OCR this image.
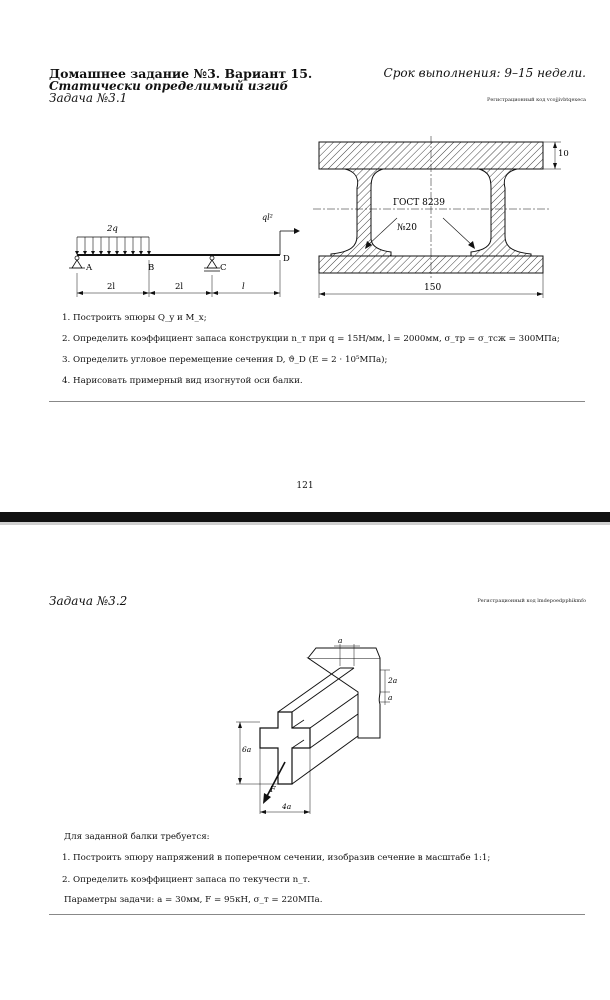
Домашнее задание №3. Вариант 15.
Статически определимый изгиб
Задача №3.1
Срок выполнения: 9–15 недели.
Регистрационный код vcojjivbtqexeca
2q
ql²
A	B	C
D
2l	2l	l
ГОСТ 8239
№20
10
150
1. Построить эпюры Q_y и M_x;
2. Определить коэффициент запаса конструкции n_т при q = 15Н/мм, l = 2000мм, σ_тр = σ_тсж = 300МПа;
3. Определить угловое перемещение сечения D, ϑ_D (E = 2 · 10⁵МПа);
4. Нарисовать примерный вид изогнутой оси балки.
121
Задача №3.2	Регистрационный код lmdepoedpphikmfo
a
2a
a
6a
4a
F
Для заданной балки требуется:
1. Построить эпюру напряжений в поперечном сечении, изобразив сечение в масштабе 1:1;
2. Определить коэффициент запаса по текучести n_т.
Параметры задачи: a = 30мм, F = 95кН, σ_т = 220МПа.
